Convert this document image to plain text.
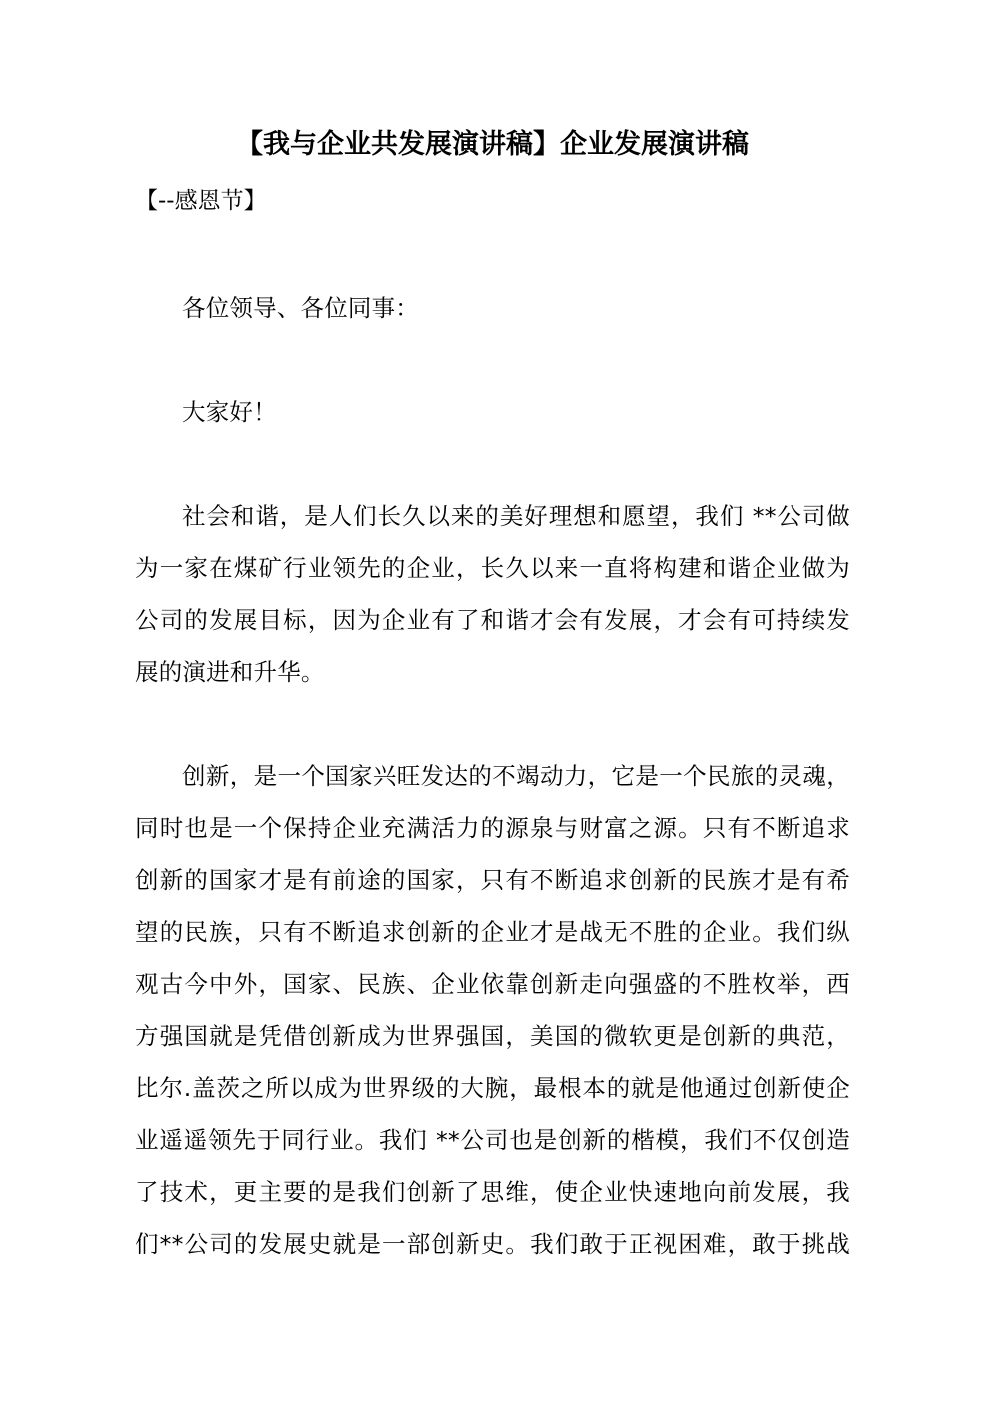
【我与企业共发展演讲稿】企业发展演讲稿
【--感恩节】
各位领导、各位同事：
大家好！
社会和谐，是人们长久以来的美好理想和愿望，我们 **公司做
为一家在煤矿行业领先的企业，长久以来一直将构建和谐企业做为
公司的发展目标，因为企业有了和谐才会有发展，才会有可持续发
展的演进和升华。
创新，是一个国家兴旺发达的不竭动力，它是一个民旅的灵魂，
同时也是一个保持企业充满活力的源泉与财富之源。只有不断追求
创新的国家才是有前途的国家，只有不断追求创新的民族才是有希
望的民族，只有不断追求创新的企业才是战无不胜的企业。我们纵
观古今中外，国家、民族、企业依靠创新走向强盛的不胜枚举，西
方强国就是凭借创新成为世界强国，美国的微软更是创新的典范，
比尔.盖茨之所以成为世界级的大腕，最根本的就是他通过创新使企
业遥遥领先于同行业。我们 **公司也是创新的楷模，我们不仅创造
了技术，更主要的是我们创新了思维，使企业快速地向前发展，我
们**公司的发展史就是一部创新史。我们敢于正视困难，敢于挑战
